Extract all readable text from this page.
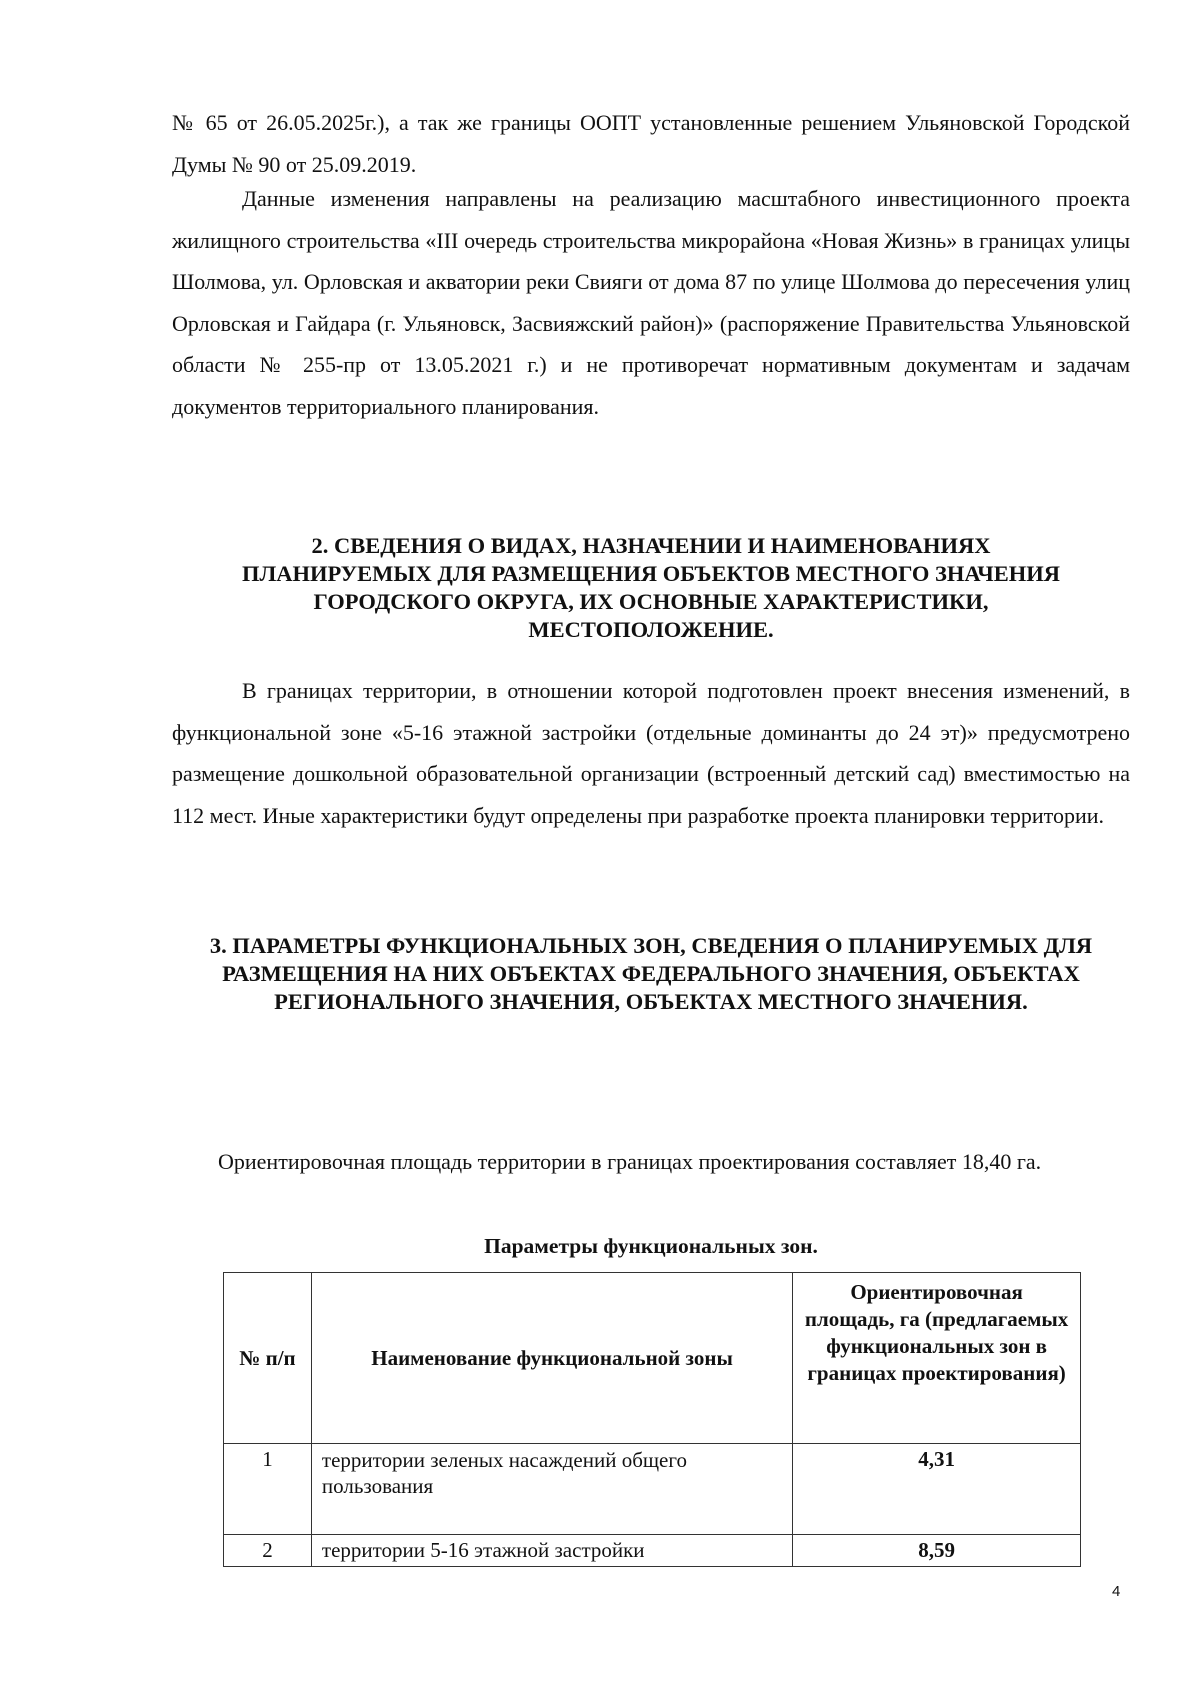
№ 65 от 26.05.2025г.), а так же границы ООПТ установленные решением Ульяновской Городской Думы № 90 от 25.09.2019.
Данные изменения направлены на реализацию масштабного инвестиционного проекта жилищного строительства «III очередь строительства микрорайона «Новая Жизнь» в границах улицы Шолмова, ул. Орловская и акватории реки Свияги от дома 87 по улице Шолмова до пересечения улиц Орловская и Гайдара (г. Ульяновск, Засвияжский район)» (распоряжение Правительства Ульяновской области № 255-пр от 13.05.2021 г.) и не противоречат нормативным документам и задачам документов территориального планирования.
2. СВЕДЕНИЯ О ВИДАХ, НАЗНАЧЕНИИ И НАИМЕНОВАНИЯХ
ПЛАНИРУЕМЫХ ДЛЯ РАЗМЕЩЕНИЯ ОБЪЕКТОВ МЕСТНОГО ЗНАЧЕНИЯ
ГОРОДСКОГО ОКРУГА, ИХ ОСНОВНЫЕ ХАРАКТЕРИСТИКИ,
МЕСТОПОЛОЖЕНИЕ.
В границах территории, в отношении которой подготовлен проект внесения изменений, в функциональной зоне «5-16 этажной застройки (отдельные доминанты до 24 эт)» предусмотрено размещение дошкольной образовательной организации (встроенный детский сад) вместимостью на 112 мест. Иные характеристики будут определены при разработке проекта планировки территории.
3. ПАРАМЕТРЫ ФУНКЦИОНАЛЬНЫХ ЗОН, СВЕДЕНИЯ О ПЛАНИРУЕМЫХ ДЛЯ
РАЗМЕЩЕНИЯ НА НИХ ОБЪЕКТАХ ФЕДЕРАЛЬНОГО ЗНАЧЕНИЯ, ОБЪЕКТАХ
РЕГИОНАЛЬНОГО ЗНАЧЕНИЯ, ОБЪЕКТАХ МЕСТНОГО ЗНАЧЕНИЯ.
Ориентировочная площадь территории в границах проектирования составляет 18,40 га.
Параметры функциональных зон.
№ п/п	Наименование функциональной зоны	Ориентировочная площадь, га (предлагаемых функциональных зон в границах проектирования)
1	территории зеленых насаждений общего пользования	4,31
2	территории 5-16 этажной застройки	8,59
4
